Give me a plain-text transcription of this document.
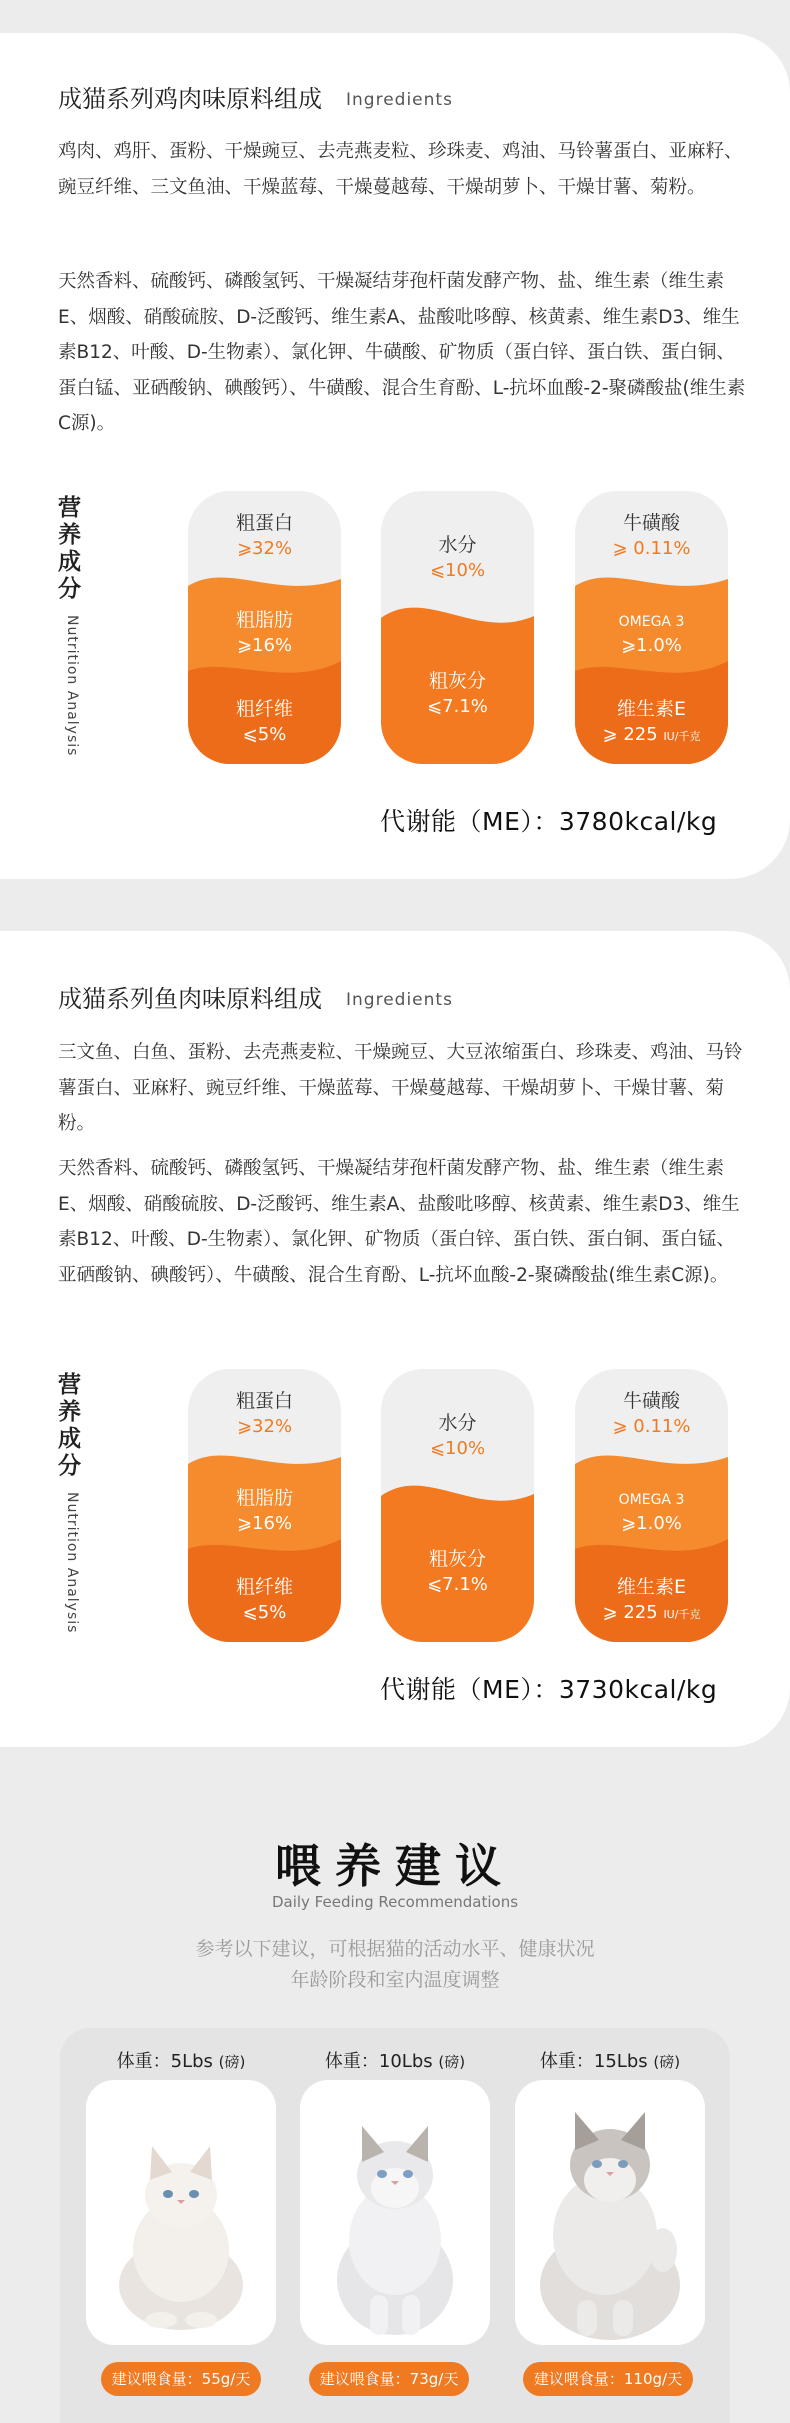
成猫系列鸡肉味原料组成 Ingredients
鸡肉、鸡肝、蛋粉、干燥豌豆、去壳燕麦粒、珍珠麦、鸡油、马铃薯蛋白、亚麻籽、豌豆纤维、三文鱼油、干燥蓝莓、干燥蔓越莓、干燥胡萝卜、干燥甘薯、菊粉。
天然香料、硫酸钙、磷酸氢钙、干燥凝结芽孢杆菌发酵产物、盐、维生素（维生素E、烟酸、硝酸硫胺、D-泛酸钙、维生素A、盐酸吡哆醇、核黄素、维生素D3、维生素B12、叶酸、D-生物素）、氯化钾、牛磺酸、矿物质（蛋白锌、蛋白铁、蛋白铜、蛋白锰、亚硒酸钠、碘酸钙）、牛磺酸、混合生育酚、L-抗坏血酸-2-聚磷酸盐(维生素C源)。
营养成分
Nutrition Analysis
粗蛋白
⩾32%
粗脂肪
⩾16%
粗纤维
⩽5%
水分
⩽10%
粗灰分
⩽7.1%
牛磺酸
⩾ 0.11%
OMEGA 3
⩾1.0%
维生素E
⩾ 225 IU/千克
代谢能（ME）：3780kcal/kg
成猫系列鱼肉味原料组成 Ingredients
三文鱼、白鱼、蛋粉、去壳燕麦粒、干燥豌豆、大豆浓缩蛋白、珍珠麦、鸡油、马铃薯蛋白、亚麻籽、豌豆纤维、干燥蓝莓、干燥蔓越莓、干燥胡萝卜、干燥甘薯、菊粉。
天然香料、硫酸钙、磷酸氢钙、干燥凝结芽孢杆菌发酵产物、盐、维生素（维生素E、烟酸、硝酸硫胺、D-泛酸钙、维生素A、盐酸吡哆醇、核黄素、维生素D3、维生素B12、叶酸、D-生物素）、氯化钾、矿物质（蛋白锌、蛋白铁、蛋白铜、蛋白锰、亚硒酸钠、碘酸钙）、牛磺酸、混合生育酚、L-抗坏血酸-2-聚磷酸盐(维生素C源)。
营养成分
Nutrition Analysis
粗蛋白
⩾32%
粗脂肪
⩾16%
粗纤维
⩽5%
水分
⩽10%
粗灰分
⩽7.1%
牛磺酸
⩾ 0.11%
OMEGA 3
⩾1.0%
维生素E
⩾ 225 IU/千克
代谢能（ME）：3730kcal/kg
喂养建议
Daily Feeding Recommendations
参考以下建议，可根据猫的活动水平、健康状况
年龄阶段和室内温度调整
体重：5Lbs (磅)
建议喂食量：55g/天
体重：10Lbs (磅)
建议喂食量：73g/天
体重：15Lbs (磅)
建议喂食量：110g/天
